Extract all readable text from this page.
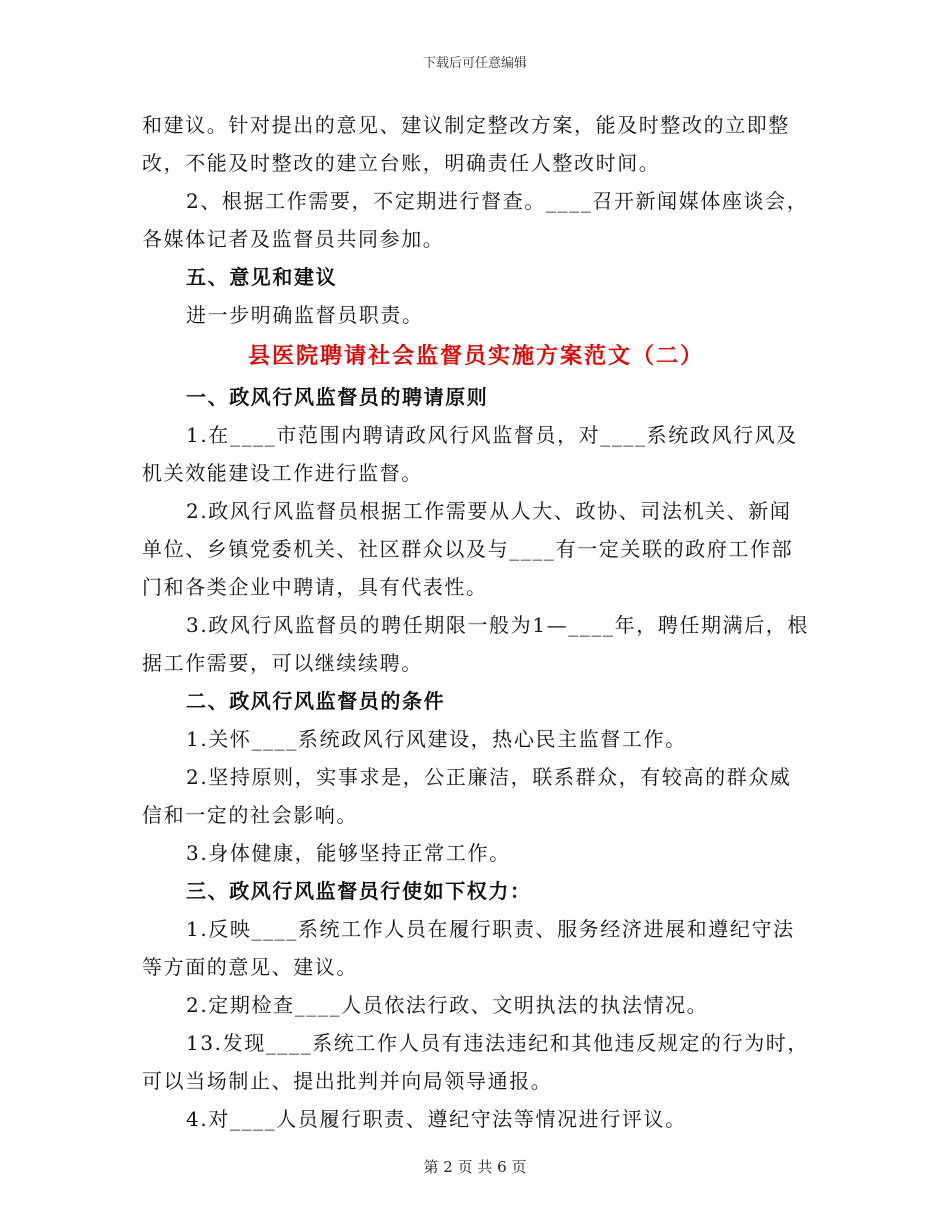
下载后可任意编辑
和建议。针对提出的意见、建议制定整改方案，能及时整改的立即整
改，不能及时整改的建立台账，明确责任人整改时间。
2、根据工作需要，不定期进行督查。____召开新闻媒体座谈会，
各媒体记者及监督员共同参加。
五、意见和建议
进一步明确监督员职责。
县医院聘请社会监督员实施方案范文（二）
一、政风行风监督员的聘请原则
1.在____市范围内聘请政风行风监督员，对____系统政风行风及
机关效能建设工作进行监督。
2.政风行风监督员根据工作需要从人大、政协、司法机关、新闻
单位、乡镇党委机关、社区群众以及与____有一定关联的政府工作部
门和各类企业中聘请，具有代表性。
3.政风行风监督员的聘任期限一般为1—____年，聘任期满后，根
据工作需要，可以继续续聘。
二、政风行风监督员的条件
1.关怀____系统政风行风建设，热心民主监督工作。
2.坚持原则，实事求是，公正廉洁，联系群众，有较高的群众威
信和一定的社会影响。
3.身体健康，能够坚持正常工作。
三、政风行风监督员行使如下权力：
1.反映____系统工作人员在履行职责、服务经济进展和遵纪守法
等方面的意见、建议。
2.定期检查____人员依法行政、文明执法的执法情况。
13.发现____系统工作人员有违法违纪和其他违反规定的行为时，
可以当场制止、提出批判并向局领导通报。
4.对____人员履行职责、遵纪守法等情况进行评议。
第 2 页 共 6 页
